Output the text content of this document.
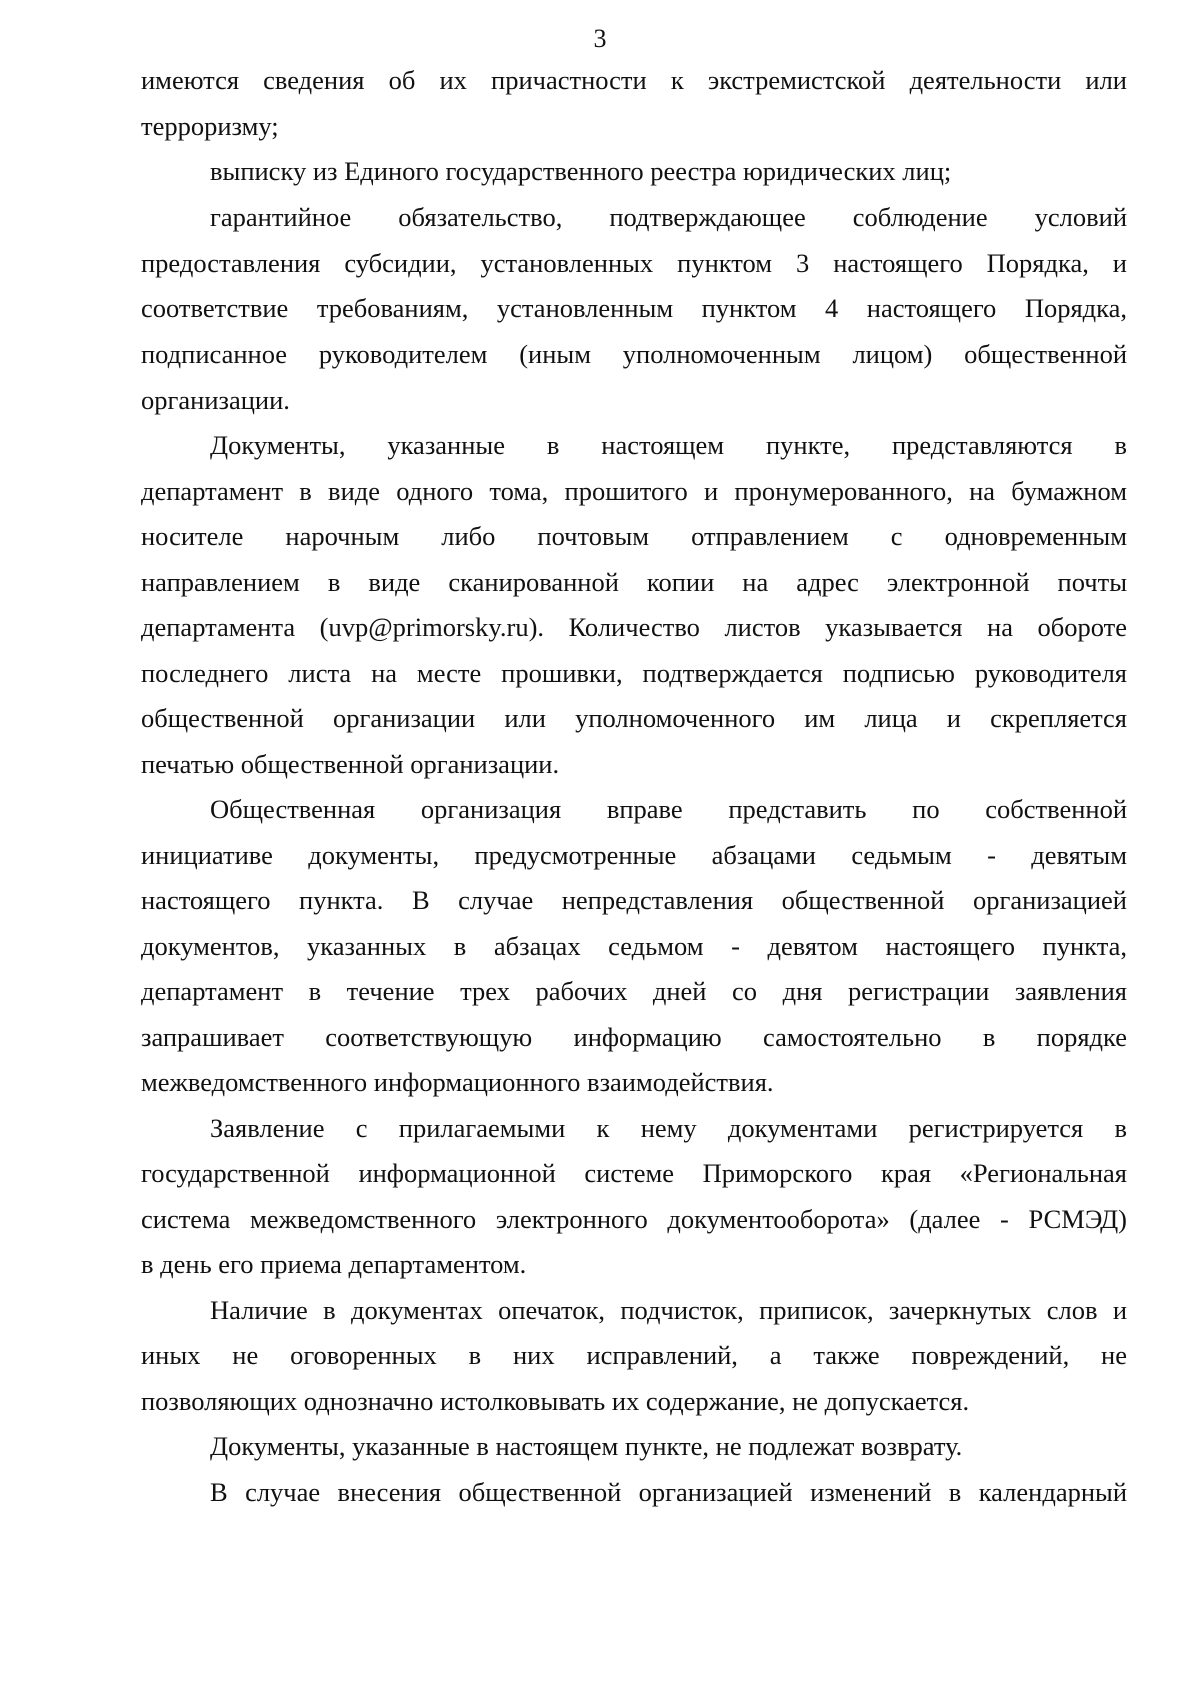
3
имеются сведения об их причастности к экстремистской деятельности или
терроризму;
выписку из Единого государственного реестра юридических лиц;
гарантийное обязательство, подтверждающее соблюдение условий
предоставления субсидии, установленных пунктом 3 настоящего Порядка, и
соответствие требованиям, установленным пунктом 4 настоящего Порядка,
подписанное руководителем (иным уполномоченным лицом) общественной
организации.
Документы, указанные в настоящем пункте, представляются в
департамент в виде одного тома, прошитого и пронумерованного, на бумажном
носителе нарочным либо почтовым отправлением с одновременным
направлением в виде сканированной копии на адрес электронной почты
департамента (uvp@primorsky.ru). Количество листов указывается на обороте
последнего листа на месте прошивки, подтверждается подписью руководителя
общественной организации или уполномоченного им лица и скрепляется
печатью общественной организации.
Общественная организация вправе представить по собственной
инициативе документы, предусмотренные абзацами седьмым - девятым
настоящего пункта. В случае непредставления общественной организацией
документов, указанных в абзацах седьмом - девятом настоящего пункта,
департамент в течение трех рабочих дней со дня регистрации заявления
запрашивает соответствующую информацию самостоятельно в порядке
межведомственного информационного взаимодействия.
Заявление с прилагаемыми к нему документами регистрируется в
государственной информационной системе Приморского края «Региональная
система межведомственного электронного документооборота» (далее - РСМЭД)
в день его приема департаментом.
Наличие в документах опечаток, подчисток, приписок, зачеркнутых слов и
иных не оговоренных в них исправлений, а также повреждений, не
позволяющих однозначно истолковывать их содержание, не допускается.
Документы, указанные в настоящем пункте, не подлежат возврату.
В случае внесения общественной организацией изменений в календарный
